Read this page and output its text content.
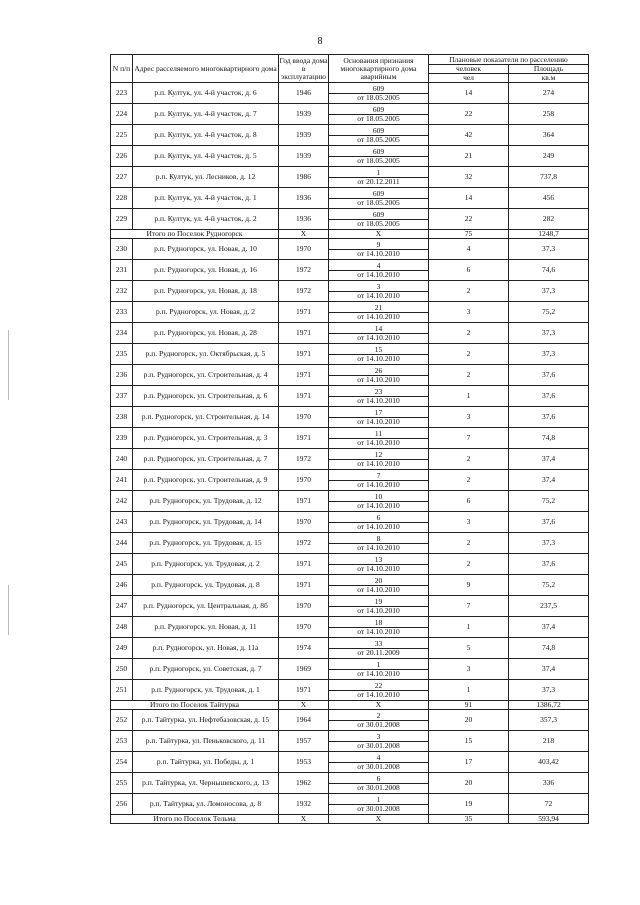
8
N п/п	Адрес расселяемого многоквартирного дома	Год ввода дома в эксплуатацию	Основания признания многоквартирного дома аварийным	Плановые показатели по расселению	
				человек	Площадь
				чел	кв.м
223	р.п. Култук, ул. 4-й участок, д. 6	1946	609
от 18.05.2005	14	274
224	р.п. Култук, ул. 4-й участок, д. 7	1939	609
от 18.05.2005	22	258
225	р.п. Култук, ул. 4-й участок, д. 8	1939	609
от 18.05.2005	42	364
226	р.п. Култук, ул. 4-й участок, д. 5	1939	609
от 18.05.2005	21	249
227	р.п. Култук, ул. Лесников, д. 12	1986	1
от 20.12.2011	32	737,8
228	р.п. Култук, ул. 4-й участок, д. 1	1936	609
от 18.05.2005	14	456
229	р.п. Култук, ул. 4-й участок, д. 2	1936	609
от 18.05.2005	22	282
Итого по Поселок Рудногорск		X	X	75	1248,7
230	р.п. Рудногорск, ул. Новая, д. 10	1970	9
от 14.10.2010	4	37,3
231	р.п. Рудногорск, ул. Новая, д. 16	1972	4
от 14.10.2010	6	74,6
232	р.п. Рудногорск, ул. Новая, д. 18	1972	3
от 14.10.2010	2	37,3
233	р.п. Рудногорск, ул. Новая, д. 2	1971	21
от 14.10.2010	3	75,2
234	р.п. Рудногорск, ул. Новая, д. 28	1971	14
от 14.10.2010	2	37,3
235	р.п. Рудногорск, ул. Октябрьская, д. 5	1971	15
от 14.10.2010	2	37,3
236	р.п. Рудногорск, ул. Строительная, д. 4	1971	26
от 14.10.2010	2	37,6
237	р.п. Рудногорск, ул. Строительная, д. 6	1971	23
от 14.10.2010	1	37,6
238	р.п. Рудногорск, ул. Строительная, д. 14	1970	17
от 14.10.2010	3	37,6
239	р.п. Рудногорск, ул. Строительная, д. 3	1971	11
от 14.10.2010	7	74,8
240	р.п. Рудногорск, ул. Строительная, д. 7	1972	12
от 14.10.2010	2	37,4
241	р.п. Рудногорск, ул. Строительная, д. 9	1970	7
от 14.10.2010	2	37,4
242	р.п. Рудногорск, ул. Трудовая, д. 12	1971	10
от 14.10.2010	6	75,2
243	р.п. Рудногорск, ул. Трудовая, д. 14	1970	6
от 14.10.2010	3	37,6
244	р.п. Рудногорск, ул. Трудовая, д. 15	1972	8
от 14.10.2010	2	37,3
245	р.п. Рудногорск, ул. Трудовая, д. 2	1971	13
от 14.10.2010	2	37,6
246	р.п. Рудногорск, ул. Трудовая, д. 8	1971	20
от 14.10.2010	9	75,2
247	р.п. Рудногорск, ул. Центральная, д. 8б	1970	19
от 14.10.2010	7	237,5
248	р.п. Рудногорск, ул. Новая, д. 11	1970	18
от 14.10.2010	1	37,4
249	р.п. Рудногорск, ул. Новая, д. 11а	1974	33
от 20.11.2009	5	74,8
250	р.п. Рудногорск, ул. Советская, д. 7	1969	1
от 14.10.2010	3	37,4
251	р.п. Рудногорск, ул. Трудовая, д. 1	1971	22
от 14.10.2010	1	37,3
Итого по Поселок Тайтурка		X	X	91	1386,72
252	р.п. Тайтурка, ул. Нефтебазовская, д. 15	1964	2
от 30.01.2008	20	357,3
253	р.п. Тайтурка, ул. Пеньковского, д. 11	1957	3
от 30.01.2008	15	218
254	р.п. Тайтурка, ул. Победы, д. 1	1953	4
от 30.01.2008	17	403,42
255	р.п. Тайтурка, ул. Чернышевского, д. 13	1962	6
от 30.01.2008	20	336
256	р.п. Тайтурка, ул. Ломоносова, д. 8	1932	1
от 30.01.2008	19	72
Итого по Поселок Тельма		X	X	35	593,94
